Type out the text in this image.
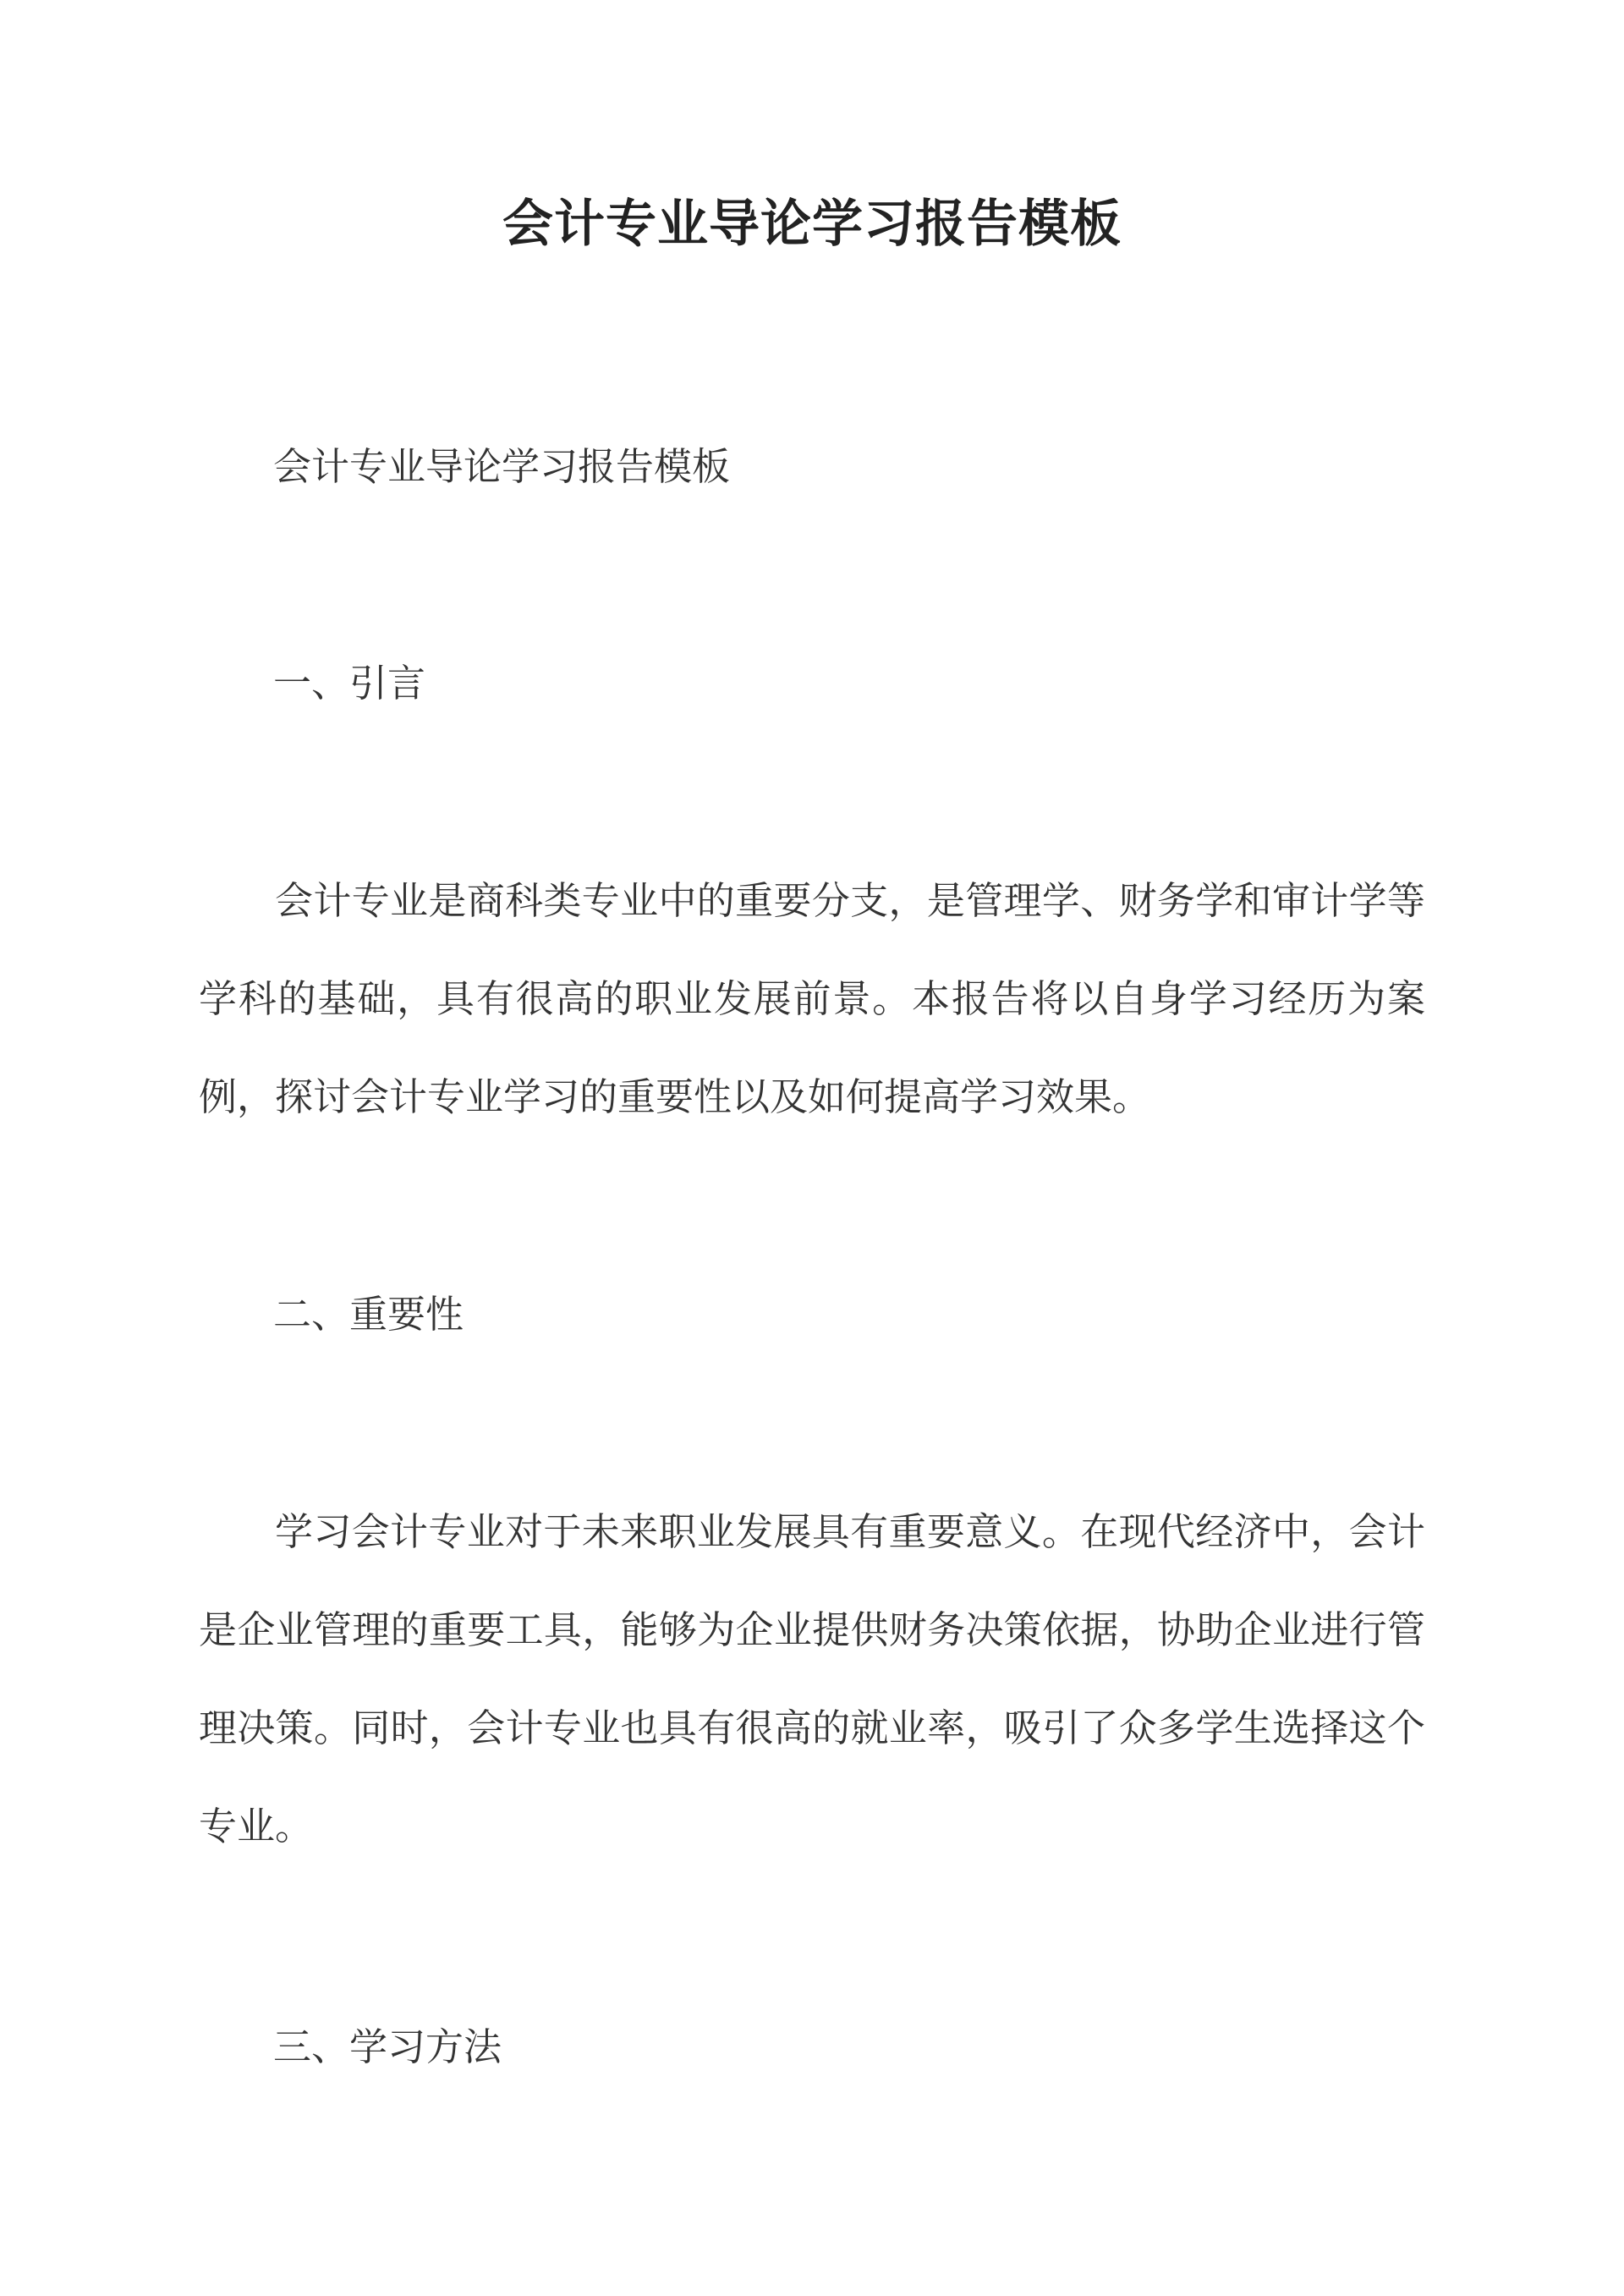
会计专业导论学习报告模板
会计专业导论学习报告模板
一、引言

会计专业是商科类专业中的重要分支，是管理学、财务学和审计学等学科的基础，具有很高的职业发展前景。本报告将以自身学习经历为案例，探讨会计专业学习的重要性以及如何提高学习效果。

二、重要性

学习会计专业对于未来职业发展具有重要意义。在现代经济中，会计是企业管理的重要工具，能够为企业提供财务决策依据，协助企业进行管理决策。同时，会计专业也具有很高的就业率，吸引了众多学生选择这个专业。

三、学习方法
